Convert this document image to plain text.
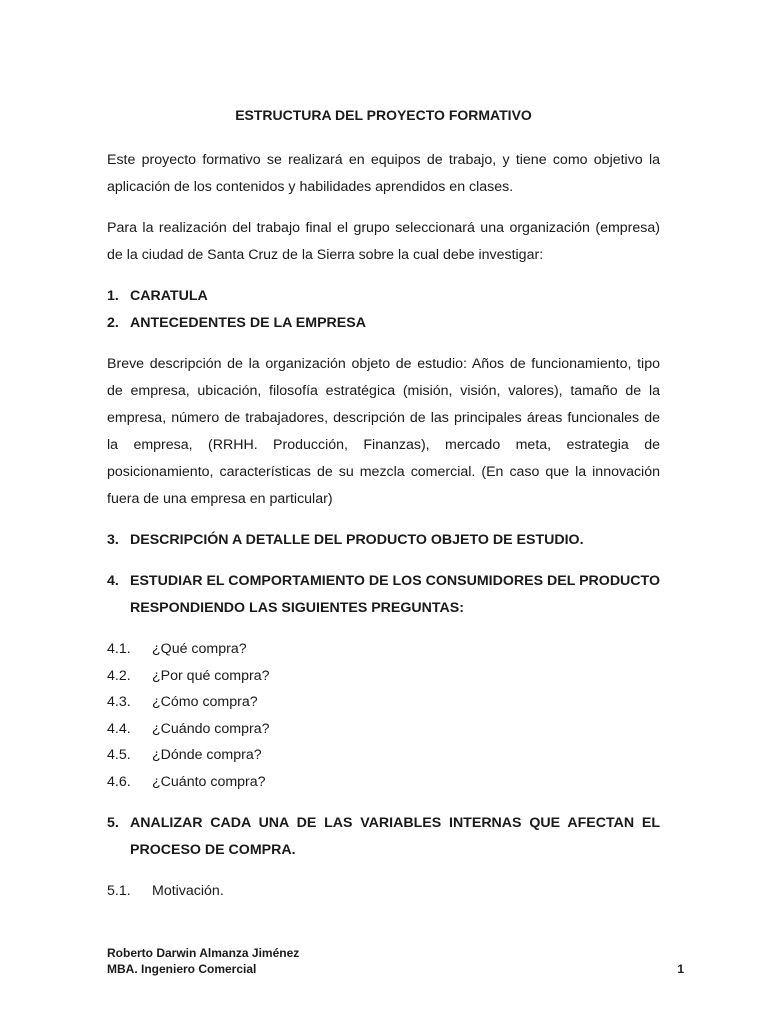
ESTRUCTURA DEL PROYECTO FORMATIVO

Este proyecto formativo se realizará en equipos de trabajo, y tiene como objetivo la aplicación de los contenidos y habilidades aprendidos en clases.

Para la realización del trabajo final el grupo seleccionará una organización (empresa) de la ciudad de Santa Cruz de la Sierra sobre la cual debe investigar:

1. CARATULA
2. ANTECEDENTES DE LA EMPRESA

Breve descripción de la organización objeto de estudio: Años de funcionamiento, tipo de empresa, ubicación, filosofía estratégica (misión, visión, valores), tamaño de la empresa, número de trabajadores, descripción de las principales áreas funcionales de la empresa, (RRHH. Producción, Finanzas), mercado meta, estrategia de posicionamiento, características de su mezcla comercial. (En caso que la innovación fuera de una empresa en particular)

3. DESCRIPCIÓN A DETALLE DEL PRODUCTO OBJETO DE ESTUDIO.
4. ESTUDIAR EL COMPORTAMIENTO DE LOS CONSUMIDORES DEL PRODUCTO RESPONDIENDO LAS SIGUIENTES PREGUNTAS:
4.1.	¿Qué compra?
4.2.	¿Por qué compra?
4.3.	¿Cómo compra?
4.4.	¿Cuándo compra?
4.5.	¿Dónde compra?
4.6.	¿Cuánto compra?
5. ANALIZAR CADA UNA DE LAS VARIABLES INTERNAS QUE AFECTAN EL PROCESO DE COMPRA.
5.1.	Motivación.
Roberto Darwin Almanza Jiménez
MBA. Ingeniero Comercial	1
